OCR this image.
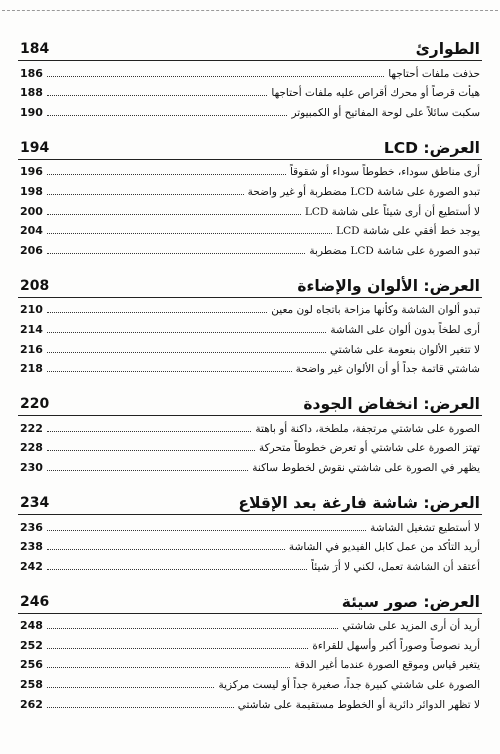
الطوارئ
184
حذفت ملفات أحتاجها
186
هيأت قرصاً أو محرك أقراص عليه ملفات أحتاجها
188
سكبت سائلاً على لوحة المفاتيح أو الكمبيوتر
190
العرض: LCD
194
أرى مناطق سوداء، خطوطاً سوداء أو شقوقاً
196
تبدو الصورة على شاشة LCD مضطربة أو غير واضحة
198
لا أستطيع أن أرى شيئاً على شاشة LCD
200
يوجد خط أفقي على شاشة LCD
204
تبدو الصورة على شاشة LCD مضطربة
206
العرض: الألوان والإضاءة
208
تبدو ألوان الشاشة وكأنها مزاحة باتجاه لون معين
210
أرى لطخاً بدون ألوان على الشاشة
214
لا تتغير الألوان بنعومة على شاشتي
216
شاشتي قاتمة جداً أو أن الألوان غير واضحة
218
العرض: انخفاض الجودة
220
الصورة على شاشتي مرتجفة، ملطخة، داكنة أو باهتة
222
تهتز الصورة على شاشتي أو تعرض خطوطاً متحركة
228
يظهر في الصورة على شاشتي نقوش لخطوط ساكنة
230
العرض: شاشة فارغة بعد الإقلاع
234
لا أستطيع تشغيل الشاشة
236
أريد التأكد من عمل كابل الفيديو في الشاشة
238
أعتقد أن الشاشة تعمل، لكني لا أرَ شيئاً
242
العرض: صور سيئة
246
أريد أن أرى المزيد على شاشتي
248
أريد نصوصاً وصوراً أكبر وأسهل للقراءة
252
يتغير قياس وموقع الصورة عندما أغير الدقة
256
الصورة على شاشتي كبيرة جداً، صغيرة جداً أو ليست مركزية
258
لا تظهر الدوائر دائرية أو الخطوط مستقيمة على شاشتي
262
